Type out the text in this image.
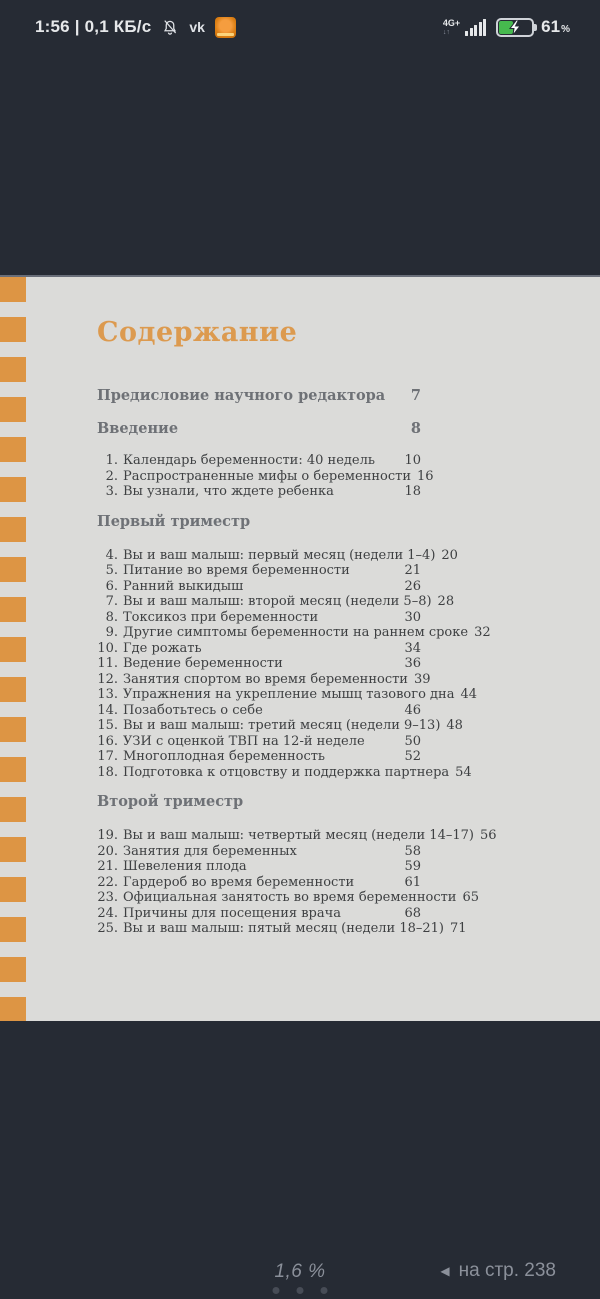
1:56 | 0,1 КБ/с	vk	4G+
↓↑	61 %
Содержание
Предисловие научного редактора	7
Введение	8
1. Календарь беременности: 40 недель	10
2. Распространенные мифы о беременности 16
3. Вы узнали, что ждете ребенка	18
Первый триместр
4. Вы и ваш малыш: первый месяц (недели 1–4) 20
5. Питание во время беременности	21
6. Ранний выкидыш	26
7. Вы и ваш малыш: второй месяц (недели 5–8) 28
8. Токсикоз при беременности	30
9. Другие симптомы беременности на раннем сроке 32
10. Где рожать	34
11. Ведение беременности	36
12. Занятия спортом во время беременности 39
13. Упражнения на укрепление мышц тазового дна 44
14. Позаботьтесь о себе	46
15. Вы и ваш малыш: третий месяц (недели 9–13) 48
16. УЗИ с оценкой ТВП на 12-й неделе	50
17. Многоплодная беременность	52
18. Подготовка к отцовству и поддержка партнера 54
Второй триместр
19. Вы и ваш малыш: четвертый месяц (недели 14–17) 56
20. Занятия для беременных	58
21. Шевеления плода	59
22. Гардероб во время беременности	61
23. Официальная занятость во время беременности 65
24. Причины для посещения врача	68
25. Вы и ваш малыш: пятый месяц (недели 18–21) 71
1,6 %	◀ на стр. 238
